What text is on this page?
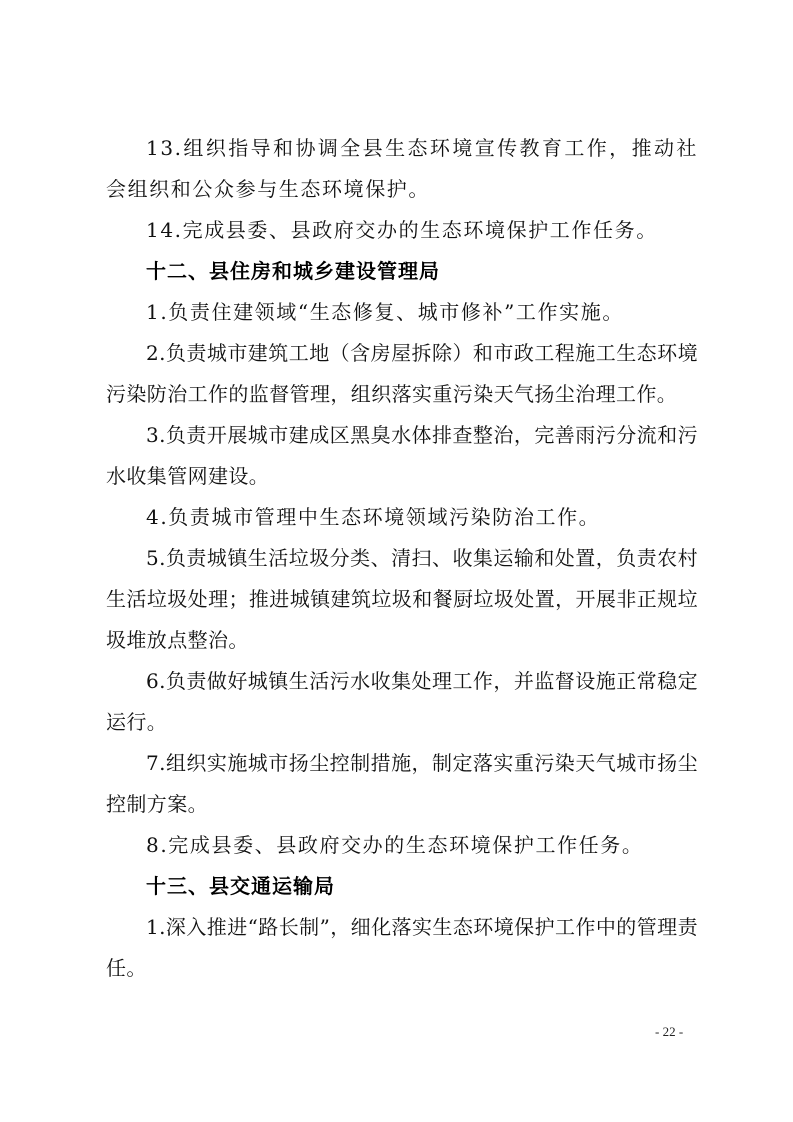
13.组织指导和协调全县生态环境宣传教育工作，推动社会组织和公众参与生态环境保护。

14.完成县委、县政府交办的生态环境保护工作任务。

十二、县住房和城乡建设管理局

1.负责住建领域“生态修复、城市修补”工作实施。

2.负责城市建筑工地（含房屋拆除）和市政工程施工生态环境污染防治工作的监督管理，组织落实重污染天气扬尘治理工作。

3.负责开展城市建成区黑臭水体排查整治，完善雨污分流和污水收集管网建设。

4.负责城市管理中生态环境领域污染防治工作。

5.负责城镇生活垃圾分类、清扫、收集运输和处置，负责农村生活垃圾处理；推进城镇建筑垃圾和餐厨垃圾处置，开展非正规垃圾堆放点整治。

6.负责做好城镇生活污水收集处理工作，并监督设施正常稳定运行。

7.组织实施城市扬尘控制措施，制定落实重污染天气城市扬尘控制方案。

8.完成县委、县政府交办的生态环境保护工作任务。

十三、县交通运输局

1.深入推进“路长制”，细化落实生态环境保护工作中的管理责任。

- 22 -
